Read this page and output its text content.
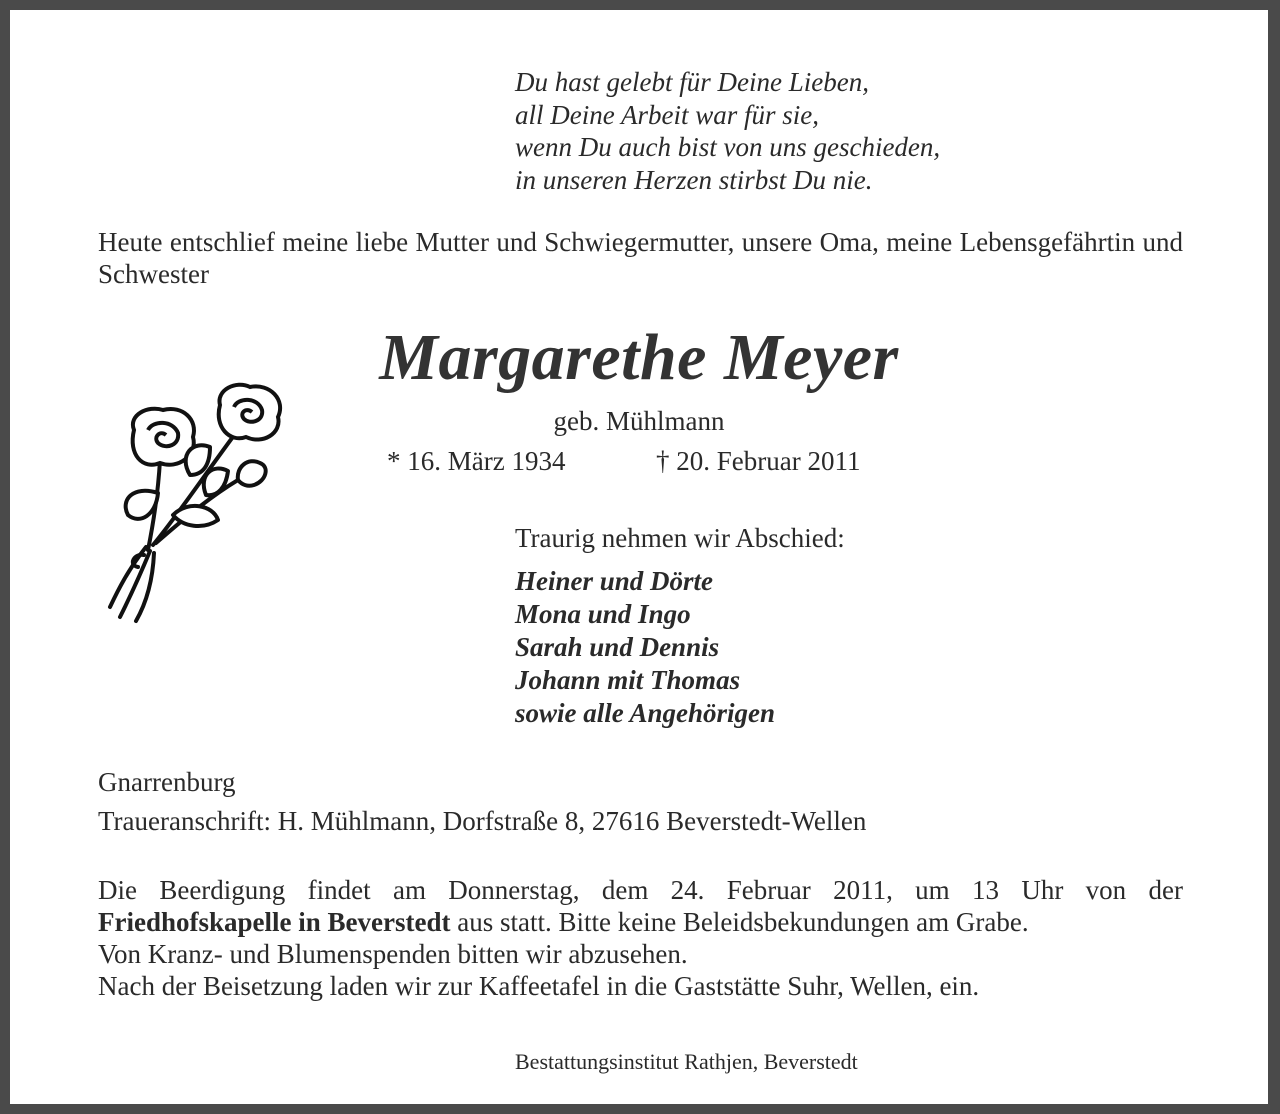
Du hast gelebt für Deine Lieben,
all Deine Arbeit war für sie,
wenn Du auch bist von uns geschieden,
in unseren Herzen stirbst Du nie.
Heute entschlief meine liebe Mutter und Schwiegermutter, unsere Oma, meine Lebensgefährtin und Schwester
Margarethe Meyer
geb. Mühlmann
* 16. März 1934	† 20. Februar 2011
Traurig nehmen wir Abschied:
Heiner und Dörte
Mona und Ingo
Sarah und Dennis
Johann mit Thomas
sowie alle Angehörigen
Gnarrenburg
Traueranschrift: H. Mühlmann, Dorfstraße 8, 27616 Beverstedt-Wellen
Die Beerdigung findet am Donnerstag, dem 24. Februar 2011, um 13 Uhr von der
Friedhofskapelle in Beverstedt aus statt. Bitte keine Beleidsbekundungen am Grabe.
Von Kranz- und Blumenspenden bitten wir abzusehen.
Nach der Beisetzung laden wir zur Kaffeetafel in die Gaststätte Suhr, Wellen, ein.
Bestattungsinstitut Rathjen, Beverstedt
